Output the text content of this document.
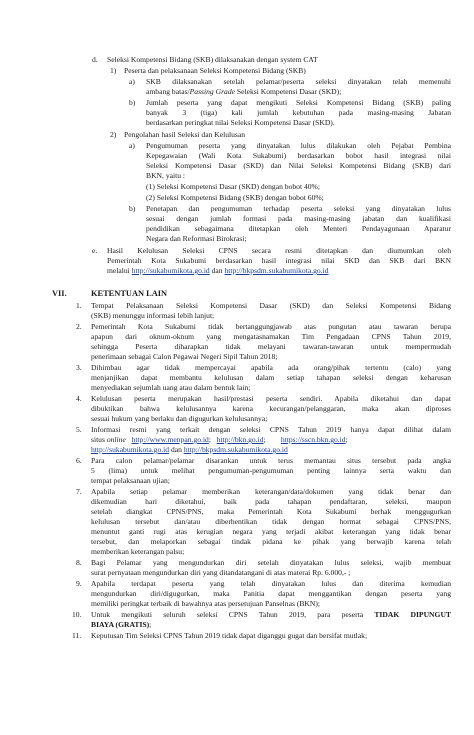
d. Seleksi Kompetensi Bidang (SKB) dilaksanakan dengan system CAT
1) Peserta dan pelaksanaan Seleksi Kompetensi Bidang (SKB)
a) SKB dilaksanakan setelah pelamar/peserta seleksi dinyatakan telah memenuhi
ambang batas/Passing Grade Seleksi Kompetensi Dasar (SKD);
b) Jumlah peserta yang dapat mengikuti Seleksi Kompetensi Bidang (SKB) paling
banyak 3 (tiga) kali jumlah kebutuhan pada masing-masing Jabatan
berdasarkan peringkat nilai Seleksi Kompetensi Dasar (SKD).
2) Pengolahan hasil Seleksi dan Kelulusan
a) Pengumuman peserta yang dinyatakan lulus dilakukan oleh Pejabat Pembina
Kepegawaian (Wali Kota Sukabumi) berdasarkan bobot hasil integrasi nilai
Seleksi Kompetensi Dasar (SKD) dan Nilai Seleksi Kompetensi Bidang (SKB) dari
BKN, yaitu :
(1) Seleksi Kompetensi Dasar (SKD) dengan bobot 40%;
(2) Seleksi Kompetensi Bidang (SKB) dengan bobot 60%;
b) Penetapan dan pengumuman terhadap peserta seleksi yang dinyatakan lulus
sesuai dengan jumlah formasi pada masing-masing jabatan dan kualifikasi
pendidikan sebagaimana ditetapkan oleh Menteri Pendayagunaan Aparatur
Negara dan Reformasi Birokrasi;
e. Hasil Kelulusan Seleksi CPNS secara resmi ditetapkan dan diumumkan oleh
Pemerintah Kota Sukabumi berdasarkan hasil integrasi nilai SKD dan SKB dari BKN
melalui http://sukabumikota.go.id dan http://bkpsdm.sukabumikota.go.id
VII.	KETENTUAN LAIN
1. Tempat Pelaksanaan Seleksi Kompetensi Dasar (SKD) dan Seleksi Kompetensi Bidang
(SKB) menunggu informasi lebih lanjut;
2. Pemerintah Kota Sukabumi tidak bertanggungjawab atas pungutan atau tawaran berupa
apapun dari oknum-oknum yang mengatasnamakan Tim Pengadaan CPNS Tahun 2019,
sehingga Peserta diharapkan tidak melayani tawaran-tawaran untuk mempermudah
penerimaan sebagai Calon Pegawai Negeri Sipil Tahun 2018;
3. Dihimbau agar tidak mempercayai apabila ada orang/pihak tertentu (calo) yang
menjanjikan dapat membantu kelulusan dalam setiap tahapan seleksi dengan keharusan
menyediakan sejumlah uang atau dalam bentuk lain;
4. Kelulusan peserta merupakan hasil/prestasi peserta sendiri. Apabila diketahui dan dapat
dibuktikan bahwa kelulusannya karena kecurangan/pelanggaran, maka akan diproses
sesuai hukum yang berlaku dan digugurkan kelulusannya;
5. Informasi resmi yang terkait dengan seleksi CPNS Tahun 2019 hanya dapat dilihat dalam
situs online http://www.menpan.go.id;   http://bkn.go.id;        https://sscn.bkn.go.id;
http://sukabumikota.go.id dan http://bkpsdm.sukabumikota.go.id
6. Para calon pelamar/pelamar disarankan untuk terus memantau situs tersebut pada angka
5 (lima) untuk melihat pengumuman-pengumuman penting lainnya serta waktu dan
tempat pelaksanaan ujian;
7. Apabila setiap pelamar memberikan keterangan/data/dokumen yang tidak benar dan
dikemudian hari diketahui, baik pada tahapan pendaftaran, seleksi, maupun
setelah diangkat CPNS/PNS, maka Pemerintah Kota Sukabumi berhak menggugurkan
kelulusan tersebut dan/atau diberhentikan tidak dengan hormat sebagai CPNS/PNS,
menuntut ganti rugi atas kerugian negara yang terjadi akibat keterangan yang tidak benar
tersebut, dan melaporkan sebagai tindak pidana ke pihak yang berwajib karena telah
memberikan keterangan palsu;
8. Bagi Pelamar yang mengundurkan diri setelah dinyatakan lulus seleksi, wajib membuat
surat pernyataan mengundurkan diri yang ditandatangani di atas materai Rp. 6.000,- ;
9. Apabila terdapat peserta yang telah dinyatakan lulus dan diterima kemudian
mengundurkan diri/digugurkan, maka Panitia dapat menggantikan dengan peserta yang
memiliki peringkat terbaik di bawahnya atas persetujuan Panselnas (BKN);
10. Untuk mengikuti seluruh seleksi CPNS Tahun 2019, para peserta TIDAK DIPUNGUT
BIAYA (GRATIS);
11. Keputusan Tim Seleksi CPNS Tahun 2019 tidak dapat diganggu gugat dan bersifat mutlak;
